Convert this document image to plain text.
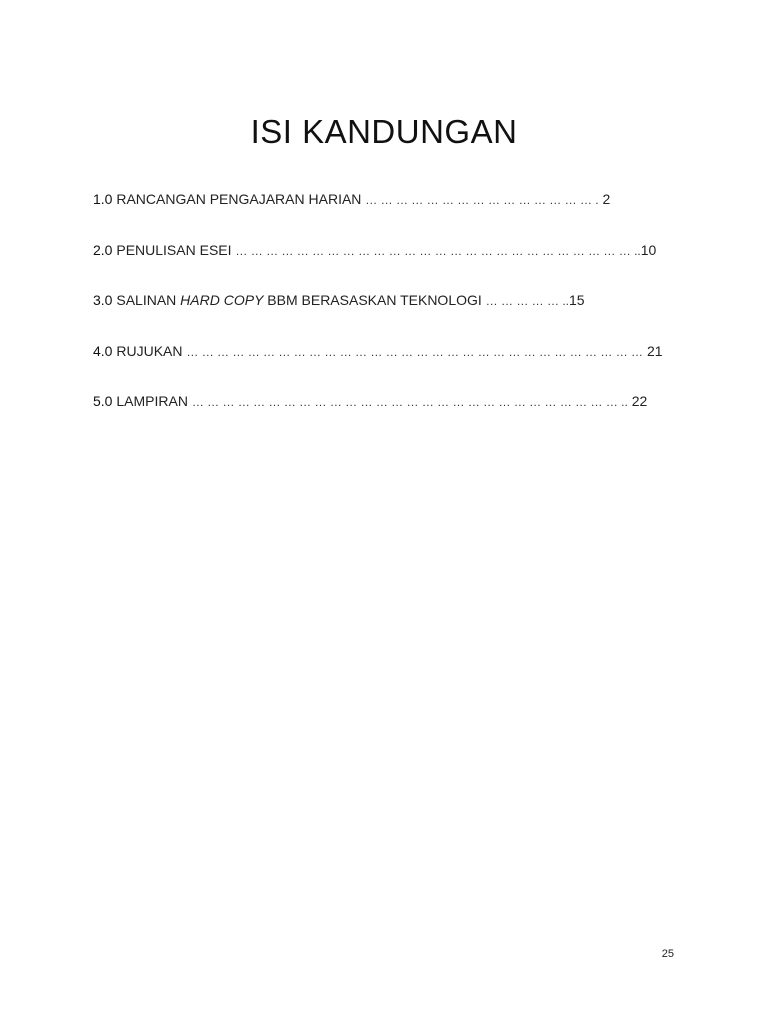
ISI KANDUNGAN
1.0 RANCANGAN PENGAJARAN HARIAN … … … … … … … … … … … … … … … . 2
2.0 PENULISAN ESEI … … … … … … … … … … … … … … … … … … … … … … … … … … ..10
3.0 SALINAN HARD COPY BBM BERASASKAN TEKNOLOGI … … … … … ..15
4.0 RUJUKAN … … … … … … … … … … … … … … … … … … … … … … … … … … … … … … 21
5.0 LAMPIRAN … … … … … … … … … … … … … … … … … … … … … … … … … … … … .. 22
25
